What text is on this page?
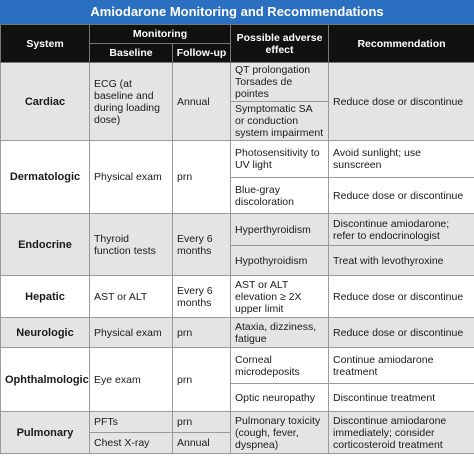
Amiodarone Monitoring and Recommendations
System	Monitoring		Possible adverse effect	Recommendation
	Baseline	Follow-up		
Cardiac	ECG (at baseline and during loading dose)	Annual	QT prolongation Torsades de pointes	Reduce dose or discontinue
			Symptomatic SA or conduction system impairment	
Dermatologic	Physical exam	prn	Photosensitivity to UV light	Avoid sunlight; use sunscreen
			Blue-gray discoloration	Reduce dose or discontinue
Endocrine	Thyroid function tests	Every 6 months	Hyperthyroidism	Discontinue amiodarone; refer to endocrinologist
			Hypothyroidism	Treat with levothyroxine
Hepatic	AST or ALT	Every 6 months	AST or ALT elevation ≥ 2X upper limit	Reduce dose or discontinue
Neurologic	Physical exam	prn	Ataxia, dizziness, fatigue	Reduce dose or discontinue
Ophthalmologic	Eye exam	prn	Corneal microdeposits	Continue amiodarone treatment
			Optic neuropathy	Discontinue treatment
Pulmonary	PFTs	prn	Pulmonary toxicity (cough, fever, dyspnea)	Discontinue amiodarone immediately; consider corticosteroid treatment
	Chest X-ray	Annual		
